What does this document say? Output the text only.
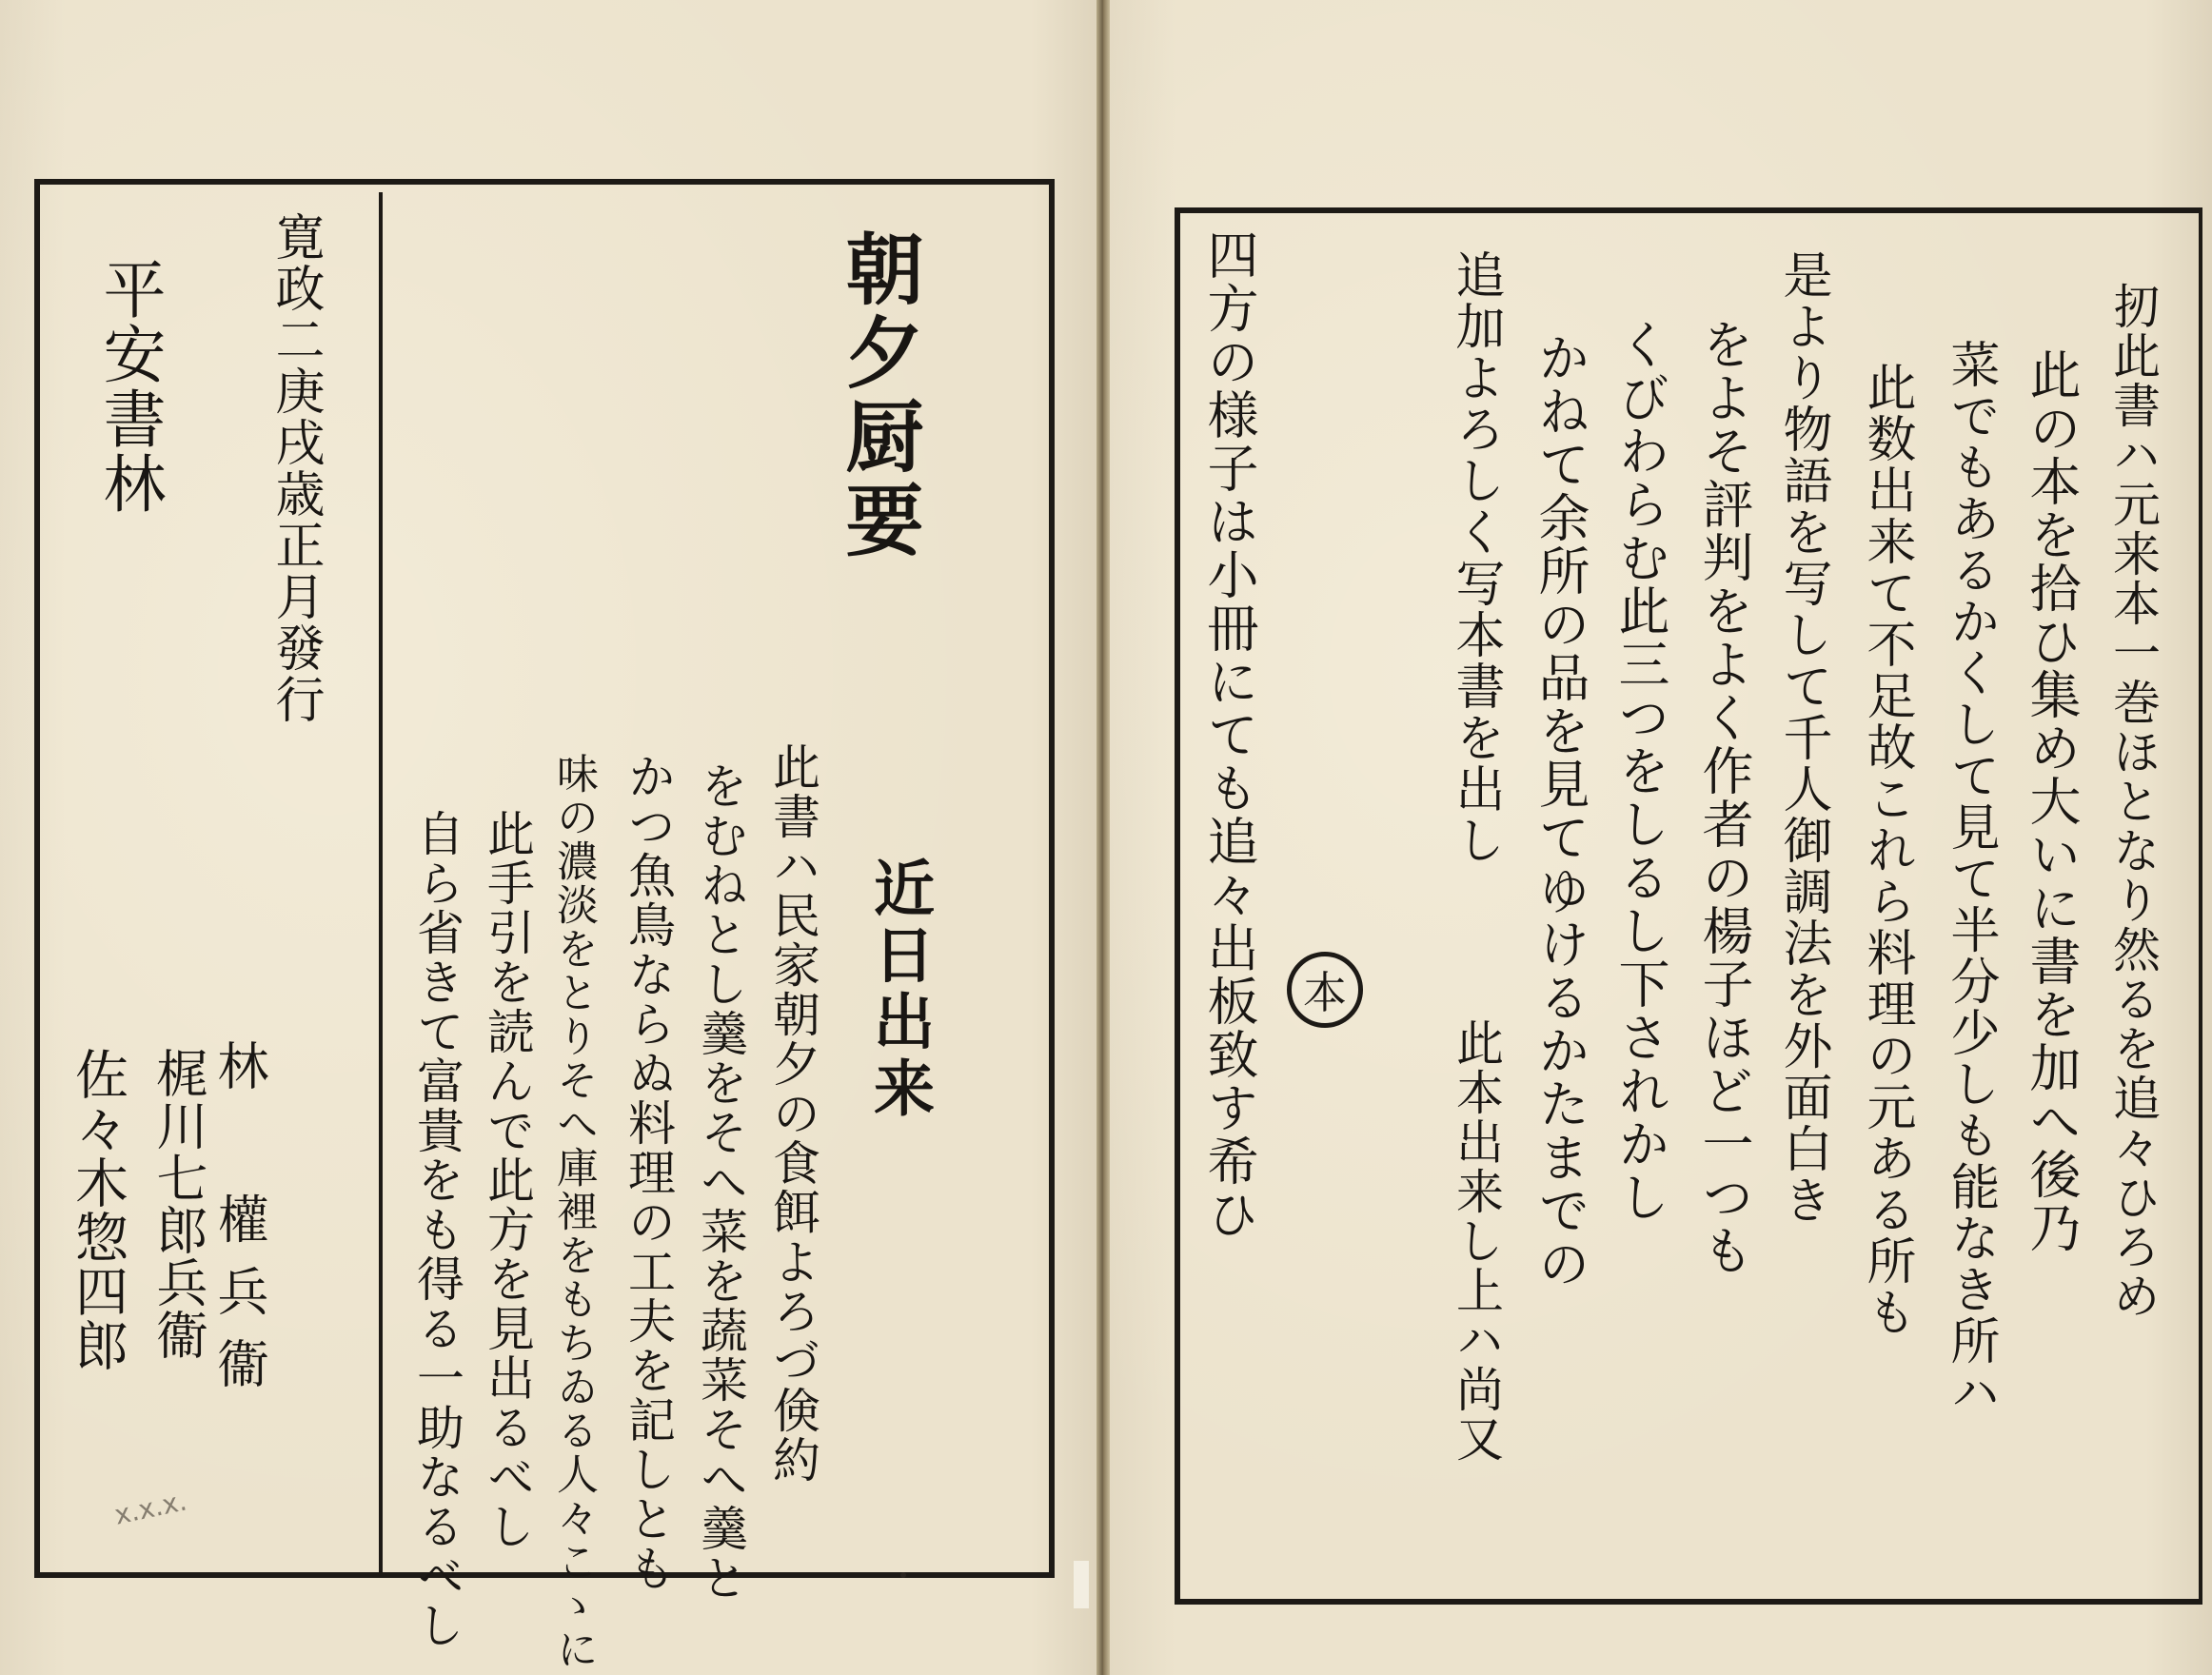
朝夕厨要
近日出来
此書ハ民家朝夕の食餌よろづ倹約
をむねとし羹をそへ菜を蔬菜そへ羹と
かつ魚鳥ならぬ料理の工夫を記しとも
味の濃淡をとりそへ庫裡をもちゐる人々こゝに
此手引を読んで此方を見出るべし
自ら省きて富貴をも得る一助なるべし
寛政二庚戌歳正月發行
平安書林
林 權兵衞
梶川七郎兵衞
佐々木惣四郎
x.x.x.
扨此書ハ元来本一巻ほとなり然るを追々ひろめ
此の本を拾ひ集め大いに書を加へ後乃
菜でもあるかくして見て半分少しも能なき所ハ
此数出来て不足故これら料理の元ある所も
是より物語を写して千人御調法を外面白き
をよそ評判をよく作者の楊子ほど一つも
くびわらむ此三つをしるし下されかし
かねて余所の品を見てゆけるかたまでの
追加よろしく写本書を出し
本
此本出来し上ハ尚又
四方の様子は小冊にても追々出板致す希ひ
